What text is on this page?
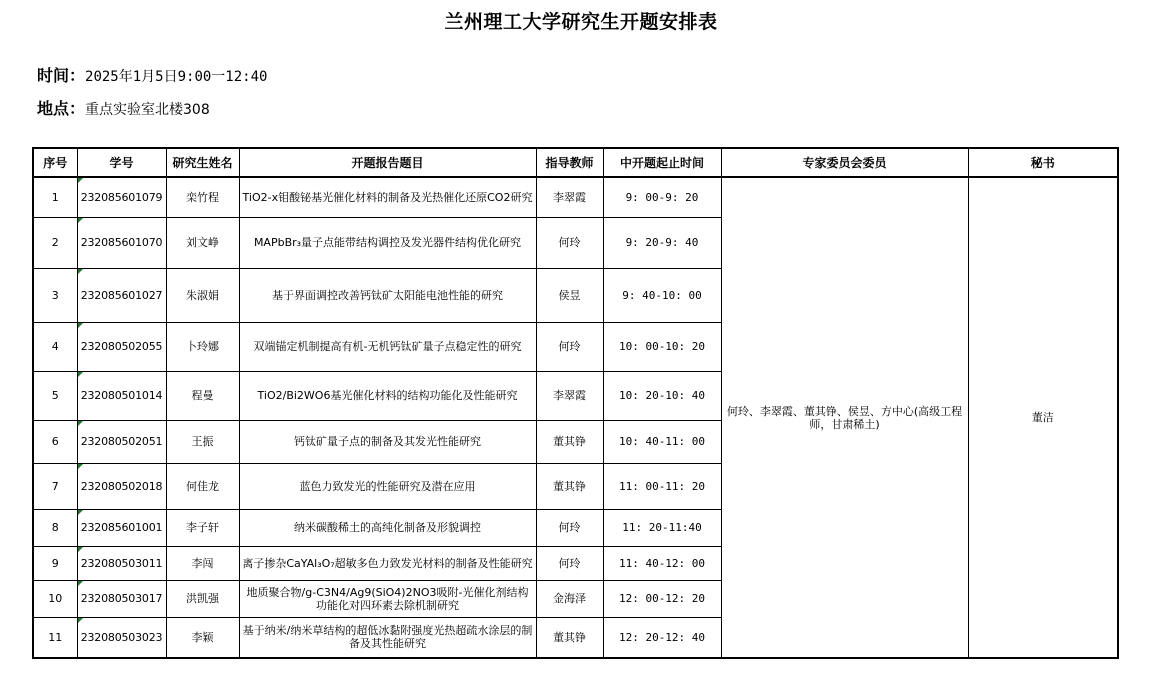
兰州理工大学研究生开题安排表
时间：2025年1月5日9:00一12:40
地点：重点实验室北楼308
序号	学号	研究生姓名	开题报告题目	指导教师	中开题起止时间	专家委员会委员	秘书
1	232085601079	栾竹程	TiO2-x钼酸铋基光催化材料的制备及光热催化还原CO2研究	李翠霞	9: 00-9: 20	何玲、李翠霞、董其铮、侯昱、方中心(高级工程师，甘肃稀土)	董洁
2	232085601070	刘文峥	MAPbBr₃量子点能带结构调控及发光器件结构优化研究	何玲	9: 20-9: 40		
3	232085601027	朱淑娟	基于界面调控改善钙钛矿太阳能电池性能的研究	侯昱	9: 40-10: 00		
4	232080502055	卜玲娜	双端锚定机制提高有机-无机钙钛矿量子点稳定性的研究	何玲	10: 00-10: 20		
5	232080501014	程曼	TiO2/Bi2WO6基光催化材料的结构功能化及性能研究	李翠霞	10: 20-10: 40		
6	232080502051	王振	钙钛矿量子点的制备及其发光性能研究	董其铮	10: 40-11: 00		
7	232080502018	何佳龙	蓝色力致发光的性能研究及潜在应用	董其铮	11: 00-11: 20		
8	232085601001	李子轩	纳米碳酸稀土的高纯化制备及形貌调控	何玲	11: 20-11:40		
9	232080503011	李闯	离子掺杂CaYAl₃O₇超敏多色力致发光材料的制备及性能研究	何玲	11: 40-12: 00		
10	232080503017	洪凯强	地质聚合物/g-C3N4/Ag9(SiO4)2NO3吸附-光催化剂结构功能化对四环素去除机制研究	金海泽	12: 00-12: 20		
11	232080503023	李颖	基于纳米/纳米草结构的超低冰黏附强度光热超疏水涂层的制备及其性能研究	董其铮	12: 20-12: 40		
